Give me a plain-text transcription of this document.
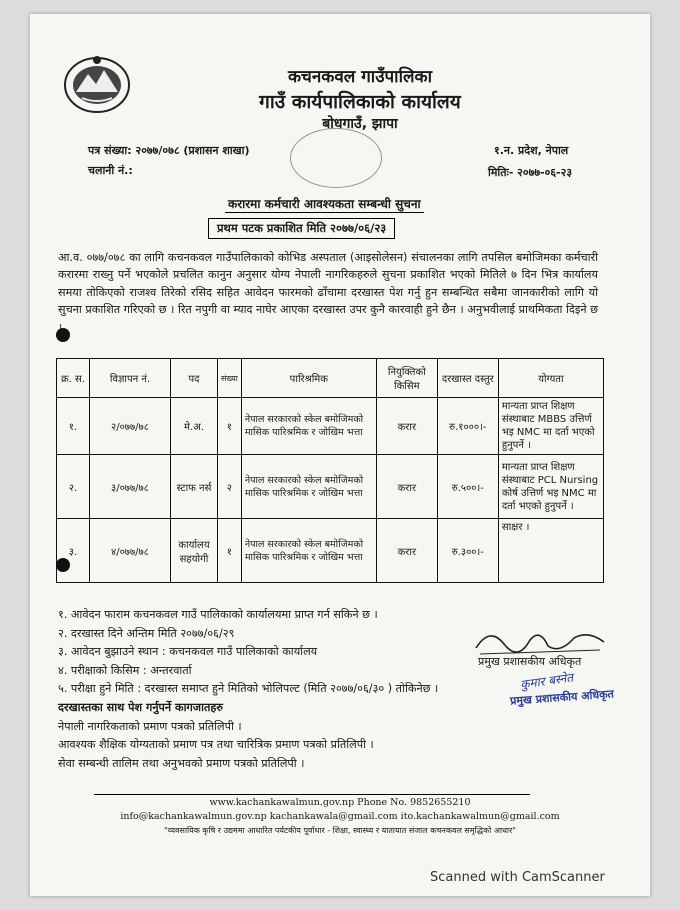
कचनकवल गाउँपालिका
गाउँ कार्यपालिकाको कार्यालय
बोधगाउँ, झापा
पत्र संख्या: २०७७/०७८ (प्रशासन शाखा)
चलानी नं.:
१.न. प्रदेश, नेपाल
मितिः- २०७७-०६-२३
करारमा कर्मचारी आवश्यकता सम्बन्धी सुचना
प्रथम पटक प्रकाशित मिति २०७७/०६/२३
आ.व. ०७७/०७८ का लागि कचनकवल गाउँपालिकाको कोभिड अस्पताल (आइसोलेसन) संचालनका लागि तपसिल बमोजिमका कर्मचारी करारमा राख्नु पर्ने भएकोले प्रचलित कानुन अनुसार योग्य नेपाली नागरिकहरुले सुचना प्रकाशित भएको मितिले ७ दिन भित्र कार्यालय समया तोकिएको राजश्व तिरेको रसिद सहित आवेदन फारमको ढाँचामा दरखास्त पेश गर्नु हुन सम्बन्धित सबैमा जानकारीको लागि यो सुचना प्रकाशित गरिएको छ । रित नपुगी वा म्याद नाघेर आएका दरखास्त उपर कुनै कारवाही हुने छैन । अनुभवीलाई प्राथमिकता दिइने छ ।
क्र. स.	विज्ञापन नं.	पद	संख्या	पारिश्रमिक	नियुक्तिको किसिम	दरखास्त दस्तुर	योग्यता
१.	२/०७७/७८	मे.अ.	१	नेपाल सरकारको स्केल बमोजिमको मासिक पारिश्रमिक र जोखिम भत्ता	करार	रु.१०००।-	मान्यता प्राप्त शिक्षण संस्थाबाट MBBS उत्तिर्ण भइ NMC मा दर्ता भएको हुनुपर्ने ।
२.	३/०७७/७८	स्टाफ नर्स	२	नेपाल सरकारको स्केल बमोजिमको मासिक पारिश्रमिक र जोखिम भत्ता	करार	रु.५००।-	मान्यता प्राप्त शिक्षण संस्थाबाट PCL Nursing कोर्ष उत्तिर्ण भइ NMC मा दर्ता भएको हुनुपर्ने ।
३.	४/०७७/७८	कार्यालय सहयोगी	१	नेपाल सरकारको स्केल बमोजिमको मासिक पारिश्रमिक र जोखिम भत्ता	करार	रु.३००।-	साक्षर ।
१. आवेदन फाराम कचनकवल गाउँ पालिकाको कार्यालयमा प्राप्त गर्न सकिने छ ।
२. दरखास्त दिने अन्तिम मिति २०७७/०६/२९
३. आवेदन बुझाउने स्थान : कचनकवल गाउँ पालिकाको कार्यालय
४. परीक्षाको किसिम : अन्तरवार्ता
५. परीक्षा हुने मिति : दरखास्त समाप्त हुने मितिको भोलिपल्ट (मिति २०७७/०६/३० ) तोकिनेछ ।
दरखास्तका साथ पेश गर्नुपर्ने कागजातहरु
नेपाली नागरिकताको प्रमाण पत्रको प्रतिलिपी ।
आवश्यक शैक्षिक योग्यताको प्रमाण पत्र तथा चारित्रिक प्रमाण पत्रको प्रतिलिपी ।
सेवा सम्बन्धी तालिम तथा अनुभवको प्रमाण पत्रको प्रतिलिपी ।
प्रमुख प्रशासकीय अधिकृत
कुमार बस्नेत
प्रमुख प्रशासकीय अधिकृत
www.kachankawalmun.gov.np Phone No. 9852655210
info@kachankawalmun.gov.np kachankawala@gmail.com ito.kachankawalmun@gmail.com
"व्यवसायिक कृषि र उद्यममा आधारित पर्यटकीय पूर्वाधार - शिक्षा, स्वास्थ्य र यातायात संजाल कचनकवल समृद्धिको आधार"
Scanned with CamScanner
